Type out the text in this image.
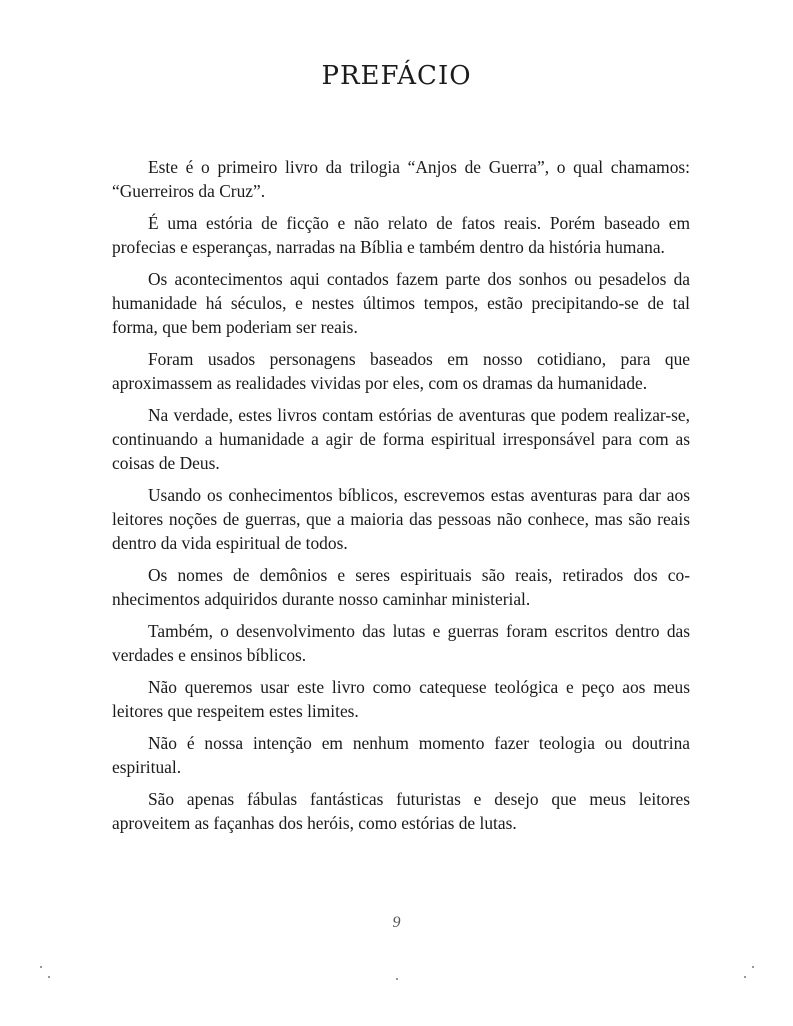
PREFÁCIO

Este é o primeiro livro da trilogia “Anjos de Guerra”, o qual chamamos: “Guerreiros da Cruz”.

É uma estória de ficção e não relato de fatos reais. Porém baseado em profecias e esperanças, narradas na Bíblia e também dentro da história humana.

Os acontecimentos aqui contados fazem parte dos sonhos ou pesadelos da humanidade há séculos, e nestes últimos tempos, estão precipitando-se de tal forma, que bem poderiam ser reais.

Foram usados personagens baseados em nosso cotidiano, para que aproximassem as realidades vividas por eles, com os dramas da humanidade.

Na verdade, estes livros contam estórias de aventuras que podem realizar-se, continuando a humanidade a agir de forma espiritual irresponsável para com as coisas de Deus.

Usando os conhecimentos bíblicos, escrevemos estas aventuras para dar aos leitores noções de guerras, que a maioria das pessoas não conhece, mas são reais dentro da vida espiritual de todos.

Os nomes de demônios e seres espirituais são reais, retirados dos conhecimentos adquiridos durante nosso caminhar ministerial.

Também, o desenvolvimento das lutas e guerras foram escritos dentro das verdades e ensinos bíblicos.

Não queremos usar este livro como catequese teológica e peço aos meus leitores que respeitem estes limites.

Não é nossa intenção em nenhum momento fazer teologia ou doutrina espiritual.

São apenas fábulas fantásticas futuristas e desejo que meus leitores aproveitem as façanhas dos heróis, como estórias de lutas.

9
